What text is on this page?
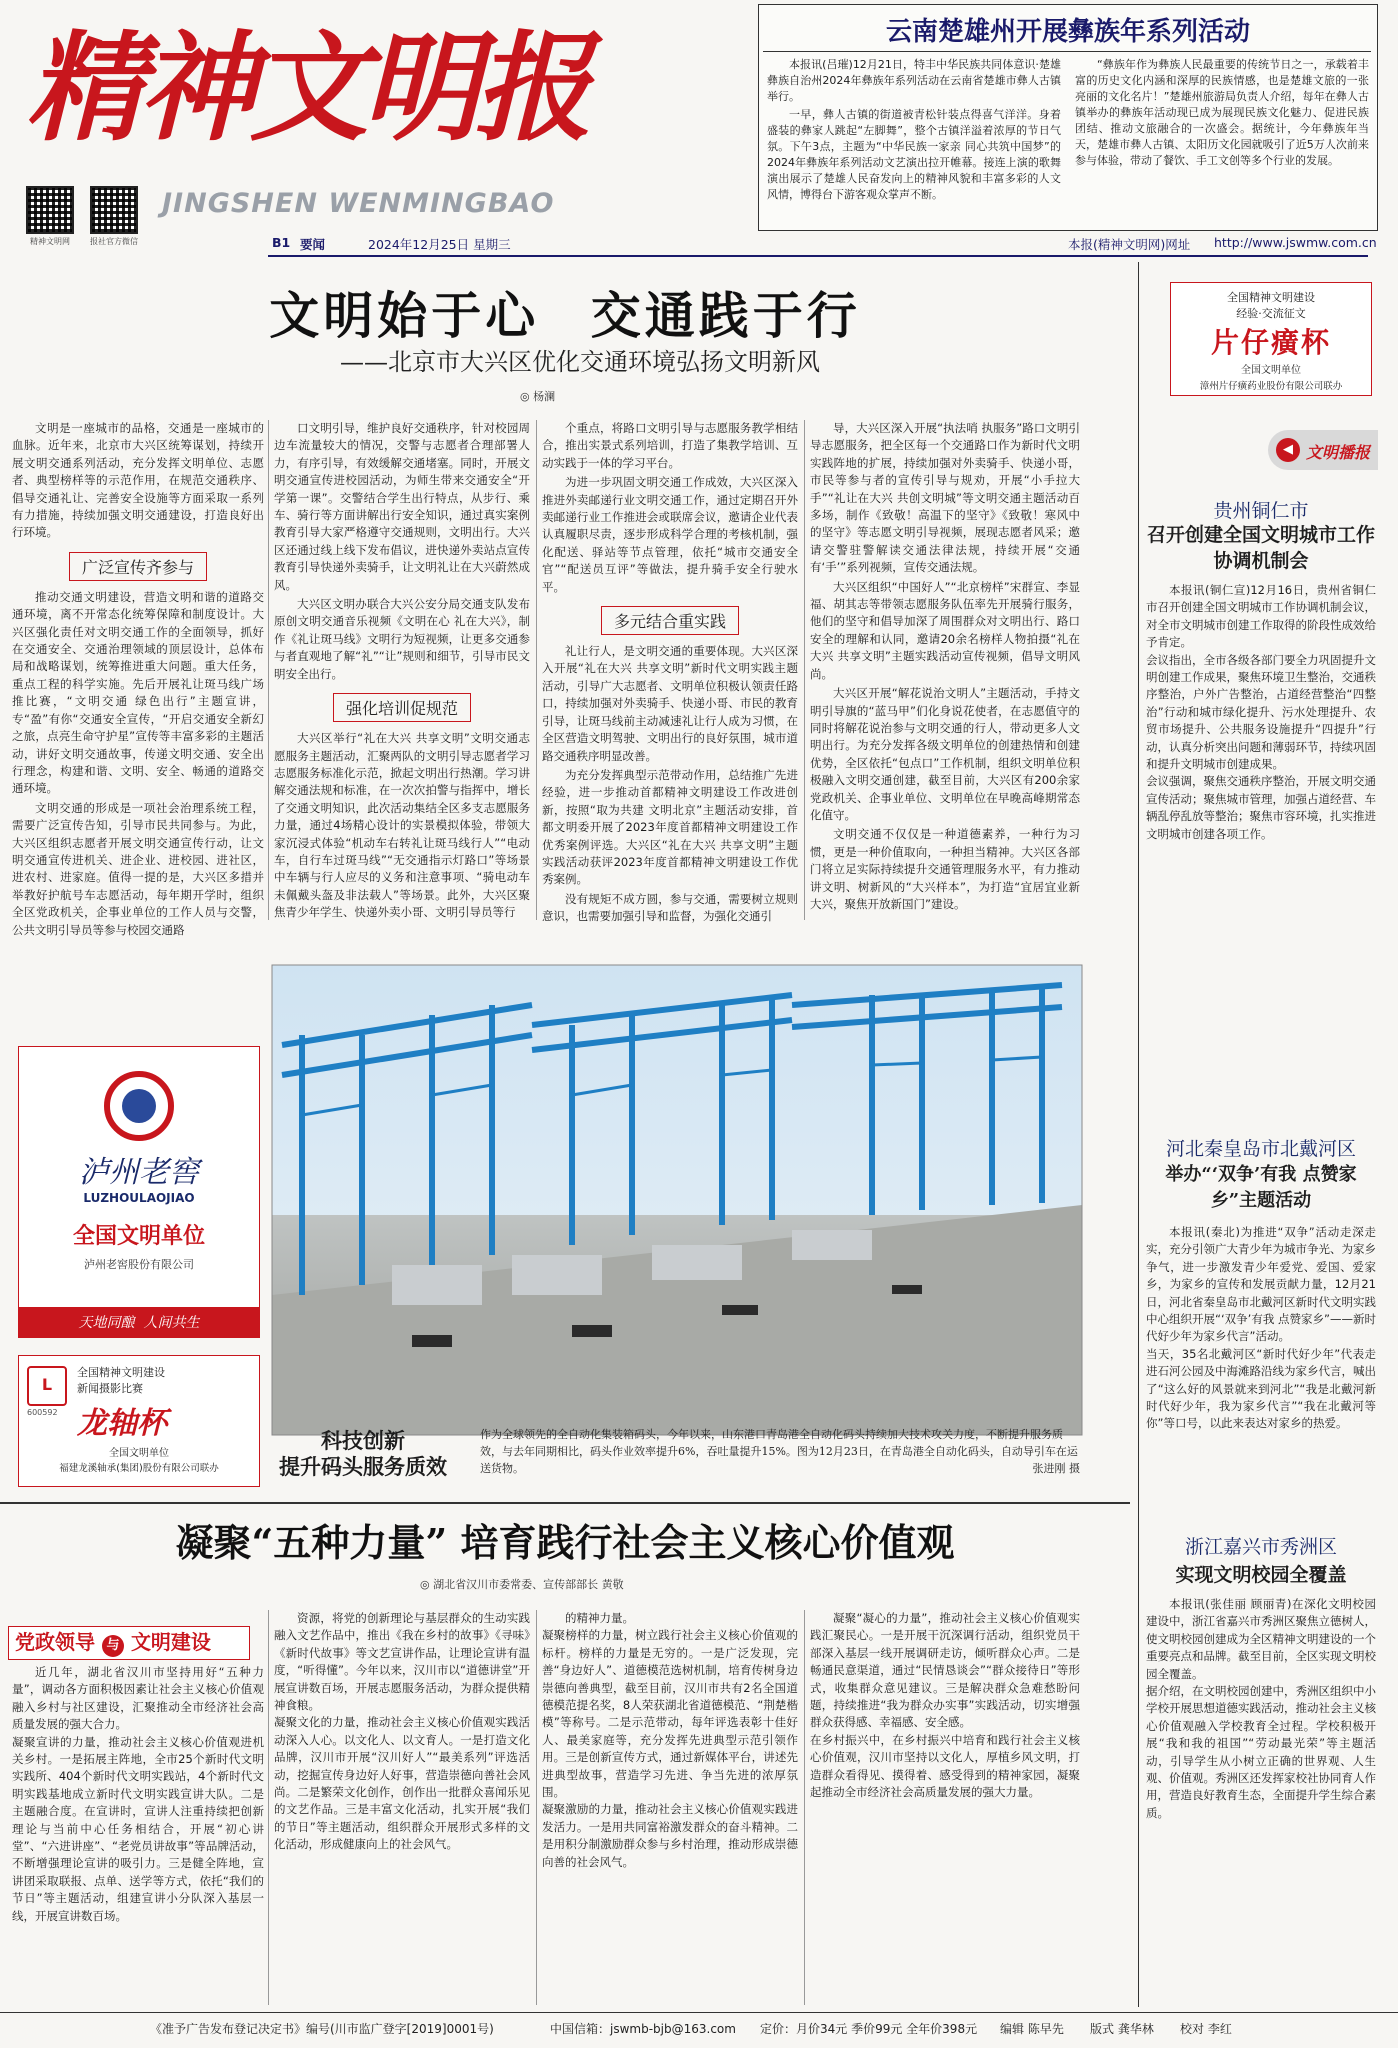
精神文明报
精神文明网	报社官方微信
JINGSHEN WENMINGBAO
B1 要闻	2024年12月25日 星期三	本报(精神文明网)网址 http://www.jswmw.com.cn
云南楚雄州开展彝族年系列活动

本报讯(吕璀)12月21日，特丰中华民族共同体意识·楚雄彝族自治州2024年彝族年系列活动在云南省楚雄市彝人古镇举行。

一早，彝人古镇的街道被青松针装点得喜气洋洋。身着盛装的彝家人跳起“左脚舞”，整个古镇洋溢着浓厚的节日气氛。下午3点，主题为“中华民族一家亲 同心共筑中国梦”的2024年彝族年系列活动文艺演出拉开帷幕。接连上演的歌舞演出展示了楚雄人民奋发向上的精神风貌和丰富多彩的人文风情，博得台下游客观众掌声不断。

“彝族年作为彝族人民最重要的传统节日之一，承载着丰富的历史文化内涵和深厚的民族情感，也是楚雄文旅的一张亮丽的文化名片！”楚雄州旅游局负责人介绍，每年在彝人古镇举办的彝族年活动现已成为展现民族文化魅力、促进民族团结、推动文旅融合的一次盛会。据统计，今年彝族年当天，楚雄市彝人古镇、太阳历文化园就吸引了近5万人次前来参与体验，带动了餐饮、手工文创等多个行业的发展。

文明始于心 交通践于行
——北京市大兴区优化交通环境弘扬文明新风
◎ 杨澜

文明是一座城市的品格，交通是一座城市的血脉。近年来，北京市大兴区统筹谋划，持续开展文明交通系列活动，充分发挥文明单位、志愿者、典型榜样等的示范作用，在规范交通秩序、倡导交通礼让、完善安全设施等方面采取一系列有力措施，持续加强文明交通建设，打造良好出行环境。

广泛宣传齐参与

推动交通文明建设，营造文明和谐的道路交通环境，离不开常态化统筹保障和制度设计。大兴区强化责任对文明交通工作的全面领导，抓好在交通安全、交通治理领域的顶层设计，总体布局和战略谋划，统筹推进重大问题。重大任务，重点工程的科学实施。先后开展礼让斑马线广场推比赛，“文明交通 绿色出行”主题宣讲，专“盈”有你“交通安全宣传，“开启交通安全新幻之旅，点亮生命守护星”宣传等丰富多彩的主题活动，讲好文明交通故事，传递文明交通、安全出行理念，构建和谐、文明、安全、畅通的道路交通环境。

文明交通的形成是一项社会治理系统工程，需要广泛宣传告知，引导市民共同参与。为此，大兴区组织志愿者开展文明交通宣传行动，让文明交通宣传进机关、进企业、进校园、进社区，进农村、进家庭。值得一提的是，大兴区多措并举教好护航号车志愿活动，每年期开学时，组织全区党政机关，企事业单位的工作人员与交警，公共文明引导员等参与校园交通路

口文明引导，维护良好交通秩序，针对校园周边车流量较大的情况，交警与志愿者合理部署人力，有序引导，有效缓解交通堵塞。同时，开展文明交通宣传进校园活动，为师生带来交通安全“开学第一课”。交警结合学生出行特点，从步行、乘车、骑行等方面讲解出行安全知识，通过真实案例教育引导大家严格遵守交通规则，文明出行。大兴区还通过线上线下发布倡议，进快递外卖站点宣传教育引导快递外卖骑手，让文明礼让在大兴蔚然成风。

大兴区文明办联合大兴公安分局交通支队发布原创文明交通音乐视频《文明在心 礼在大兴》，制作《礼让斑马线》文明行为短视频，让更多交通参与者直观地了解“礼”“让”规则和细节，引导市民文明安全出行。

强化培训促规范

大兴区举行“礼在大兴 共享文明”文明交通志愿服务主题活动，汇聚两队的文明引导志愿者学习志愿服务标准化示范，掀起文明出行热潮。学习讲解交通法规和标准，在一次次拍警与指挥中，增长了交通文明知识，此次活动集结全区多支志愿服务力量，通过4场精心设计的实景模拟体验，带领大家沉浸式体验“机动车右转礼让斑马线行人”“电动车，自行车过斑马线”“无交通指示灯路口”等场景中车辆与行人应尽的义务和注意事项、“骑电动车未佩戴头盔及非法载人”等场景。此外，大兴区聚焦青少年学生、快递外卖小哥、文明引导员等行

个重点，将路口文明引导与志愿服务教学相结合，推出实景式系列培训，打造了集教学培训、互动实践于一体的学习平台。

为进一步巩固文明交通工作成效，大兴区深入推进外卖邮递行业文明交通工作，通过定期召开外卖邮递行业工作推进会或联席会议，邀请企业代表认真履职尽责，逐步形成科学合理的考核机制，强化配送、驿站等节点管理，依托“城市交通安全官”“配送员互评”等做法，提升骑手安全行驶水平。

多元结合重实践

礼让行人，是文明交通的重要体现。大兴区深入开展“礼在大兴 共享文明”新时代文明实践主题活动，引导广大志愿者、文明单位积极认领责任路口，持续加强对外卖骑手、快递小哥、市民的教育引导，让斑马线前主动减速礼让行人成为习惯，在全区营造文明驾驶、文明出行的良好氛围，城市道路交通秩序明显改善。

为充分发挥典型示范带动作用，总结推广先进经验，进一步推动首都精神文明建设工作改进创新，按照“取为共建 文明北京”主题活动安排，首都文明委开展了2023年度首都精神文明建设工作优秀案例评选。大兴区“礼在大兴 共享文明”主题实践活动获评2023年度首都精神文明建设工作优秀案例。

没有规矩不成方圆，参与交通，需要树立规则意识，也需要加强引导和监督，为强化交通引

导，大兴区深入开展“执法哨 执服务”路口文明引导志愿服务，把全区每一个交通路口作为新时代文明实践阵地的扩展，持续加强对外卖骑手、快递小哥，市民等参与者的宣传引导与规劝，开展“小手拉大手”“礼让在大兴 共创文明城”等文明交通主题活动百多场，制作《致敬！高温下的坚守》《致敬！寒风中的坚守》等志愿文明引导视频，展现志愿者风采；邀请交警驻警解读交通法律法规，持续开展“交通有‘手’”系列视频，宣传交通法规。

大兴区组织“中国好人”“北京榜样”宋群宣、李显福、胡其志等带领志愿服务队伍率先开展骑行服务，他们的坚守和倡导加深了周围群众对文明出行、路口安全的理解和认同，邀请20余名榜样人物拍摄“礼在大兴 共享文明”主题实践活动宣传视频，倡导文明风尚。

大兴区开展“解花说治文明人”主题活动，手持文明引导旗的“蓝马甲”们化身说花使者，在志愿值守的同时将解花说治参与文明交通的行人，带动更多人文明出行。为充分发挥各级文明单位的创建热情和创建优势，全区依托“包点口”工作机制，组织文明单位积极融入文明交通创建，截至目前，大兴区有200余家党政机关、企事业单位、文明单位在早晚高峰期常态化值守。

文明交通不仅仅是一种道德素养，一种行为习惯，更是一种价值取向，一种担当精神。大兴区各部门将立足实际持续提升交通管理服务水平，有力推动讲文明、树新风的“大兴样本”，为打造“宜居宜业新大兴，聚焦开放新国门”建设。

科技创新
提升码头服务质效
作为全球领先的全自动化集装箱码头，今年以来，山东港口青岛港全自动化码头持续加大技术攻关力度，不断提升服务质效，与去年同期相比，码头作业效率提升6%，吞吐量提升15%。图为12月23日，在青岛港全自动化码头，自动导引车在运送货物。	张进刚 摄
泸州老窖
LUZHOULAOJIAO
全国文明单位
泸州老窖股份有限公司
天地同酿  人间共生
L
600592
全国精神文明建设
新闻摄影比赛
龙轴杯
全国文明单位
福建龙溪轴承(集团)股份有限公司联办
凝聚“五种力量” 培育践行社会主义核心价值观
◎ 湖北省汉川市委常委、宣传部部长 黄敬
党政领导 与 文明建设

近几年，湖北省汉川市坚持用好“五种力量”，调动各方面积极因素让社会主义核心价值观融入乡村与社区建设，汇聚推动全市经济社会高质量发展的强大合力。
凝聚宣讲的力量，推动社会主义核心价值观进机关乡村。一是拓展主阵地，全市25个新时代文明实践所、404个新时代文明实践站，4个新时代文明实践基地成立新时代文明实践宣讲大队。二是主题融合度。在宣讲时，宣讲人注重持续把创新理论与当前中心任务相结合，开展“初心讲堂”、“六进讲座”、“老党员讲故事”等品牌活动，不断增强理论宣讲的吸引力。三是健全阵地，宣讲团采取联报、点单、送学等方式，依托“我们的节日”等主题活动，组建宣讲小分队深入基层一线，开展宣讲数百场。

资源，将党的创新理论与基层群众的生动实践融入文艺作品中，推出《我在乡村的故事》《寻味》《新时代故事》等文艺宣讲作品，让理论宣讲有温度，“听得懂”。今年以来，汉川市以“道德讲堂”开展宣讲数百场，开展志愿服务活动，为群众提供精神食粮。
凝聚文化的力量，推动社会主义核心价值观实践活动深入人心。以文化人、以文育人。一是打造文化品牌，汉川市开展“汉川好人”“最美系列”评选活动，挖掘宣传身边好人好事，营造崇德向善社会风尚。二是繁荣文化创作，创作出一批群众喜闻乐见的文艺作品。三是丰富文化活动，扎实开展“我们的节日”等主题活动，组织群众开展形式多样的文化活动，形成健康向上的社会风气。

的精神力量。
凝聚榜样的力量，树立践行社会主义核心价值观的标杆。榜样的力量是无穷的。一是广泛发现，完善“身边好人”、道德模范选树机制，培育传树身边崇德向善典型，截至目前，汉川市共有2名全国道德模范提名奖，8人荣获湖北省道德模范、“荆楚楷模”等称号。二是示范带动，每年评选表彰十佳好人、最美家庭等，充分发挥先进典型示范引领作用。三是创新宣传方式，通过新媒体平台，讲述先进典型故事，营造学习先进、争当先进的浓厚氛围。
凝聚激励的力量，推动社会主义核心价值观实践进发活力。一是用共同富裕激发群众的奋斗精神。二是用积分制激励群众参与乡村治理，推动形成崇德向善的社会风气。

凝聚“凝心的力量”，推动社会主义核心价值观实践汇聚民心。一是开展干沉深调行活动，组织党员干部深入基层一线开展调研走访，倾听群众心声。二是畅通民意渠道，通过“民情恳谈会”“群众接待日”等形式，收集群众意见建议。三是解决群众急难愁盼问题，持续推进“我为群众办实事”实践活动，切实增强群众获得感、幸福感、安全感。
在乡村振兴中，在乡村振兴中培育和践行社会主义核心价值观，汉川市坚持以文化人，厚植乡风文明，打造群众看得见、摸得着、感受得到的精神家园，凝聚起推动全市经济社会高质量发展的强大力量。

全国精神文明建设
经验·交流征文
片仔癀杯
全国文明单位
漳州片仔癀药业股份有限公司联办
◀ 文明播报
贵州铜仁市
召开创建全国文明城市工作协调机制会

本报讯(铜仁宣)12月16日，贵州省铜仁市召开创建全国文明城市工作协调机制会议，对全市文明城市创建工作取得的阶段性成效给予肯定。
会议指出，全市各级各部门要全力巩固提升文明创建工作成果，聚焦环境卫生整治，交通秩序整治，户外广告整治，占道经营整治“四整治”行动和城市绿化提升、污水处理提升、农贸市场提升、公共服务设施提升“四提升”行动，认真分析突出问题和薄弱环节，持续巩固和提升文明城市创建成果。
会议强调，聚焦交通秩序整治，开展文明交通宣传活动；聚焦城市管理，加强占道经营、车辆乱停乱放等整治；聚焦市容环境，扎实推进文明城市创建各项工作。

河北秦皇岛市北戴河区
举办“‘双争’有我 点赞家乡”主题活动

本报讯(秦北)为推进“双争”活动走深走实，充分引领广大青少年为城市争光、为家乡争气，进一步激发青少年爱党、爱国、爱家乡，为家乡的宣传和发展贡献力量，12月21日，河北省秦皇岛市北戴河区新时代文明实践中心组织开展“‘双争’有我 点赞家乡”——新时代好少年为家乡代言”活动。
当天，35名北戴河区“新时代好少年”代表走进石河公园及中海滩路沿线为家乡代言，喊出了“这么好的风景就来到河北”“我是北戴河新时代好少年，我为家乡代言”“我在北戴河等你”等口号，以此来表达对家乡的热爱。

浙江嘉兴市秀洲区
实现文明校园全覆盖

本报讯(张佳丽 顾丽青)在深化文明校园建设中，浙江省嘉兴市秀洲区聚焦立德树人，使文明校园创建成为全区精神文明建设的一个重要亮点和品牌。截至目前，全区实现文明校园全覆盖。
据介绍，在文明校园创建中，秀洲区组织中小学校开展思想道德实践活动，推动社会主义核心价值观融入学校教育全过程。学校积极开展“我和我的祖国”“劳动最光荣”等主题活动，引导学生从小树立正确的世界观、人生观、价值观。秀洲区还发挥家校社协同育人作用，营造良好教育生态，全面提升学生综合素质。

《准予广告发布登记决定书》编号(川市监广登字[2019]0001号)	中国信箱：jswmb-bjb@163.com 定价：月价34元 季价99元 全年价398元 编辑 陈早先 版式 龚华林 校对 李红
